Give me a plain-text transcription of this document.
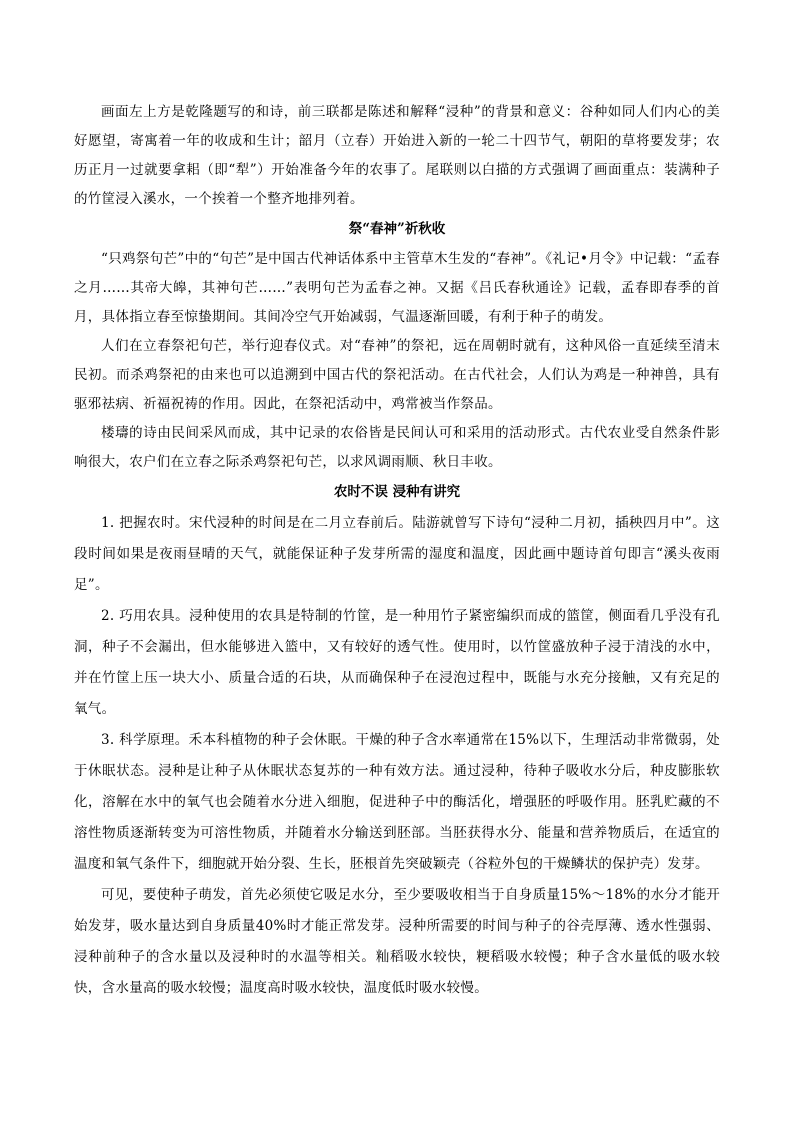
画面左上方是乾隆题写的和诗，前三联都是陈述和解释“浸种”的背景和意义：谷种如同人们内心的美好愿望，寄寓着一年的收成和生计；韶月（立春）开始进入新的一轮二十四节气，朝阳的草将要发芽；农历正月一过就要拿耜（即“犁”）开始准备今年的农事了。尾联则以白描的方式强调了画面重点：装满种子的竹筐浸入溪水，一个挨着一个整齐地排列着。

祭“春神”祈秋收

“只鸡祭句芒”中的“句芒”是中国古代神话体系中主管草木生发的“春神”。《礼记•月令》中记载：“孟春之月……其帝大皞，其神句芒……”表明句芒为孟春之神。又据《吕氏春秋通诠》记载，孟春即春季的首月，具体指立春至惊蛰期间。其间冷空气开始减弱，气温逐渐回暖，有利于种子的萌发。

人们在立春祭祀句芒，举行迎春仪式。对“春神”的祭祀，远在周朝时就有，这种风俗一直延续至清末民初。而杀鸡祭祀的由来也可以追溯到中国古代的祭祀活动。在古代社会，人们认为鸡是一种神兽，具有驱邪祛病、祈福祝祷的作用。因此，在祭祀活动中，鸡常被当作祭品。

楼璹的诗由民间采风而成，其中记录的农俗皆是民间认可和采用的活动形式。古代农业受自然条件影响很大，农户们在立春之际杀鸡祭祀句芒，以求风调雨顺、秋日丰收。

农时不误 浸种有讲究

1. 把握农时。宋代浸种的时间是在二月立春前后。陆游就曾写下诗句“浸种二月初，插秧四月中”。这段时间如果是夜雨昼晴的天气，就能保证种子发芽所需的湿度和温度，因此画中题诗首句即言“溪头夜雨足”。

2. 巧用农具。浸种使用的农具是特制的竹筐，是一种用竹子紧密编织而成的篮筐，侧面看几乎没有孔洞，种子不会漏出，但水能够进入篮中，又有较好的透气性。使用时，以竹筐盛放种子浸于清浅的水中，并在竹筐上压一块大小、质量合适的石块，从而确保种子在浸泡过程中，既能与水充分接触，又有充足的氧气。

3. 科学原理。禾本科植物的种子会休眠。干燥的种子含水率通常在15%以下，生理活动非常微弱，处于休眠状态。浸种是让种子从休眠状态复苏的一种有效方法。通过浸种，待种子吸收水分后，种皮膨胀软化，溶解在水中的氧气也会随着水分进入细胞，促进种子中的酶活化，增强胚的呼吸作用。胚乳贮藏的不溶性物质逐渐转变为可溶性物质，并随着水分输送到胚部。当胚获得水分、能量和营养物质后，在适宜的温度和氧气条件下，细胞就开始分裂、生长，胚根首先突破颖壳（谷粒外包的干燥鳞状的保护壳）发芽。

可见，要使种子萌发，首先必须使它吸足水分，至少要吸收相当于自身质量15%～18%的水分才能开始发芽，吸水量达到自身质量40%时才能正常发芽。浸种所需要的时间与种子的谷壳厚薄、透水性强弱、浸种前种子的含水量以及浸种时的水温等相关。籼稻吸水较快，粳稻吸水较慢；种子含水量低的吸水较快，含水量高的吸水较慢；温度高时吸水较快，温度低时吸水较慢。
